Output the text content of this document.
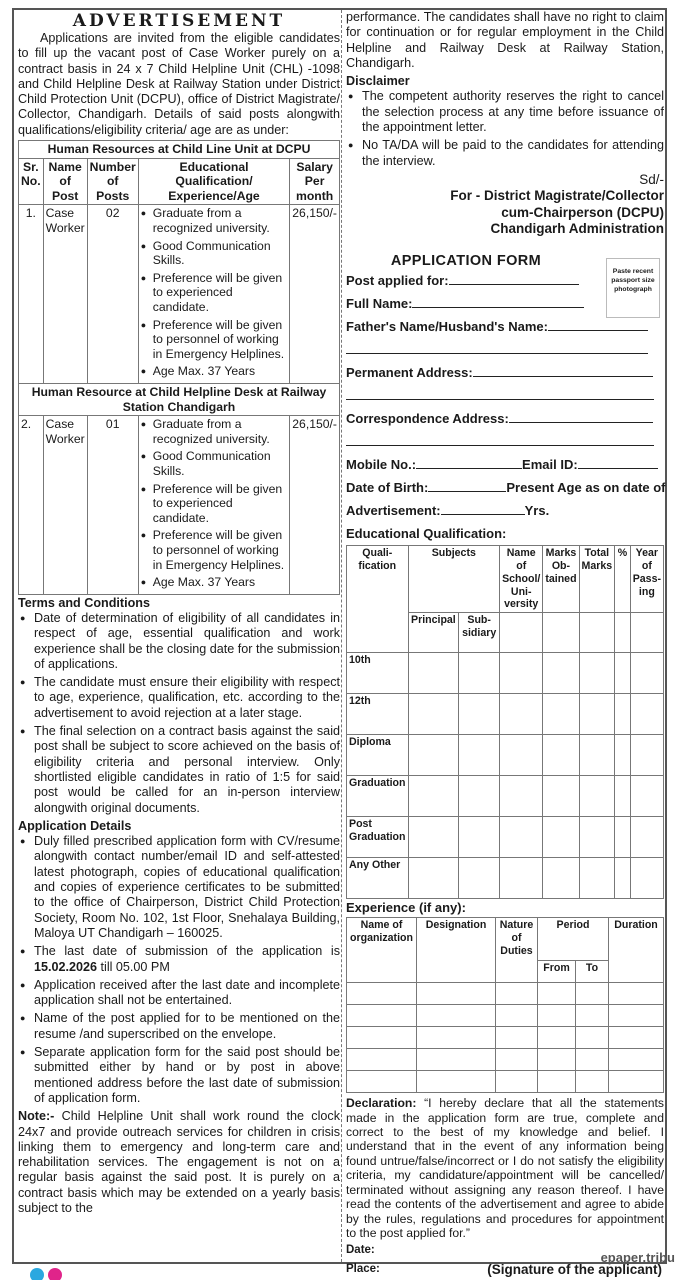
ADVERTISEMENT

Applications are invited from the eligible candidates to fill up the vacant post of Case Worker purely on a contract basis in 24 x 7 Child Helpline Unit (CHL) -1098 and Child Helpline Desk at Railway Station under District Child Protection Unit (DCPU), office of District Magistrate/ Collector, Chandigarh. Details of said posts alongwith qualifications/eligibility criteria/ age are as under:

Human Resources at Child Line Unit at DCPU				
Sr. No.	Name of Post	Number of Posts	Educational Qualification/ Experience/Age	Salary Per month
1.	Case Worker	02	
●Graduate from a recognized university.
● Good Communication Skills.
● Preference will be given to experienced candidate.
● Preference will be given to personnel of working in Emergency Helplines.
● Age Max. 37 Years
	26,150/-
Human Resource at Child Helpline Desk at Railway Station Chandigarh				
2.	Case Worker	01	
●Graduate from a recognized university.
● Good Communication Skills.
● Preference will be given to experienced candidate.
● Preference will be given to personnel of working in Emergency Helplines.
● Age Max. 37 Years
	26,150/-
Terms and Conditions
● Date of determination of eligibility of all candidates in respect of age, essential qualification and work experience shall be the closing date for the submission of applications.
● The candidate must ensure their eligibility with respect to age, experience, qualification, etc. according to the advertisement to avoid rejection at a later stage.
● The final selection on a contract basis against the said post shall be subject to score achieved on the basis of eligibility criteria and personal interview. Only shortlisted eligible candidates in ratio of 1:5 for said post would be called for an in-person interview alongwith original documents.
Application Details
● Duly filled prescribed application form with CV/resume alongwith contact number/email ID and self-attested latest photograph, copies of educational qualification and copies of experience certificates to be submitted to the office of Chairperson, District Child Protection Society, Room No. 102, 1st Floor, Snehalaya Building, Maloya UT Chandigarh – 160025.
● The last date of submission of the application is 15.02.2026 till 05.00 PM
● Application received after the last date and incomplete application shall not be entertained.
● Name of the post applied for to be mentioned on the resume /and superscribed on the envelope.
● Separate application form for the said post should be submitted either by hand or by post in above mentioned address before the last date of submission of application form.

Note:- Child Helpline Unit shall work round the clock 24x7 and provide outreach services for children in crisis linking them to emergency and long-term care and rehabilitation services. The engagement is not on a regular basis against the said post. It is purely on a contract basis which may be extended on a yearly basis subject to the

performance. The candidates shall have no right to claim for continuation or for regular employment in the Child Helpline and Railway Desk at Railway Station, Chandigarh.

Disclaimer
● The competent authority reserves the right to cancel the selection process at any time before issuance of the appointment letter.
● No TA/DA will be paid to the candidates for attending the interview.
Sd/-
For - District Magistrate/Collector
cum-Chairperson (DCPU)
Chandigarh Administration
APPLICATION FORM
Paste recent passport size photograph
Post applied for:
Full Name:
Father's Name/Husband's Name:
Permanent Address:
Correspondence Address:
Mobile No.:	Email ID:
Date of Birth:	Present Age as on date of
Advertisement:	Yrs.
Educational Qualification:
Quali-fication	Subjects		Name of School/ Uni-versity	Marks Ob-tained	Total Marks	%	Year of Pass-ing
	Principal	Sub-sidiary					
10th							
12th							
Diploma							
Graduation							
Post Graduation							
Any Other							
Experience (if any):
Name of organization	Designation	Nature of Duties	Period		Duration
			From	To	

Declaration: “I hereby declare that all the statements made in the application form are true, complete and correct to the best of my knowledge and belief. I understand that in the event of any information being found untrue/false/incorrect or I do not satisfy the eligibility criteria, my candidature/appointment will be cancelled/ terminated without assigning any reason thereof. I have read the contents of the advertisement and agree to abide by the rules, regulations and procedures for appointment to the post applied for.”

Date:
Place:	(Signature of the applicant)
epaper.tribu
